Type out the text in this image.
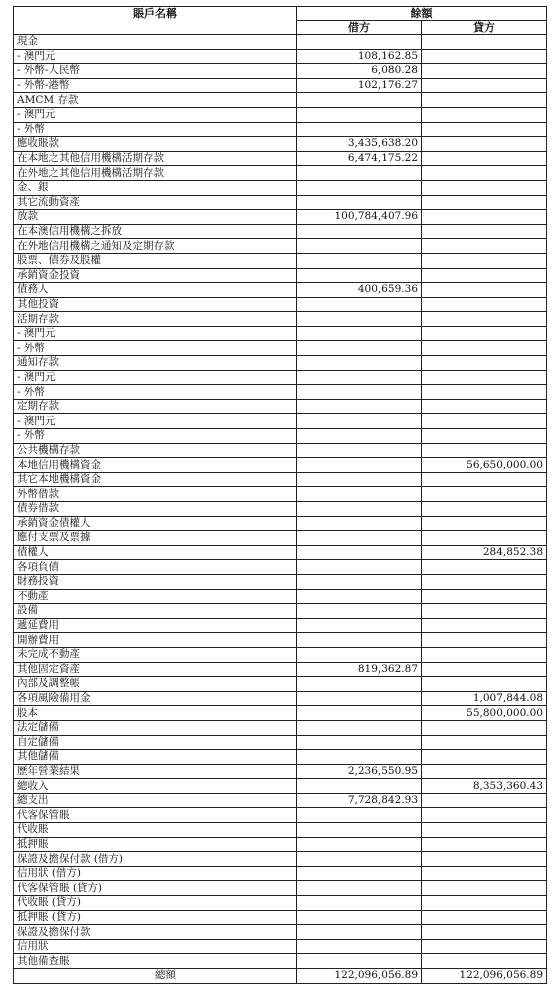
賬戶名稱	餘額	
	借方	貸方
現金		
- 澳門元	108,162.85	
- 外幣-人民幣	6,080.28	
- 外幣-港幣	102,176.27	
AMCM 存款		
- 澳門元		
- 外幣		
應收賬款	3,435,638.20	
在本地之其他信用機構活期存款	6,474,175.22	
在外地之其他信用機構活期存款		
金、銀		
其它流動資產		
放款	100,784,407.96	
在本澳信用機構之拆放		
在外地信用機構之通知及定期存款		
股票、債券及股權		
承銷資金投資		
債務人	400,659.36	
其他投資		
活期存款		
- 澳門元		
- 外幣		
通知存款		
- 澳門元		
- 外幣		
定期存款		
- 澳門元		
- 外幣		
公共機構存款		
本地信用機構資金		56,650,000.00
其它本地機構資金		
外幣借款		
債券借款		
承銷資金債權人		
應付支票及票據		
債權人		284,852.38
各項負債		
財務投資		
不動產		
設備		
遞延費用		
開辦費用		
未完成不動產		
其他固定資產	819,362.87	
內部及調整帳		
各項風險備用金		1,007,844.08
股本		55,800,000.00
法定儲備		
自定儲備		
其他儲備		
歷年營業結果	2,236,550.95	
總收入		8,353,360.43
總支出	7,728,842.93	
代客保管賬		
代收賬		
抵押賬		
保證及擔保付款 (借方)		
信用狀 (借方)		
代客保管賬 (貸方)		
代收賬 (貸方)		
抵押賬 (貸方)		
保證及擔保付款		
信用狀		
其他備查賬		
總額	122,096,056.89	122,096,056.89
